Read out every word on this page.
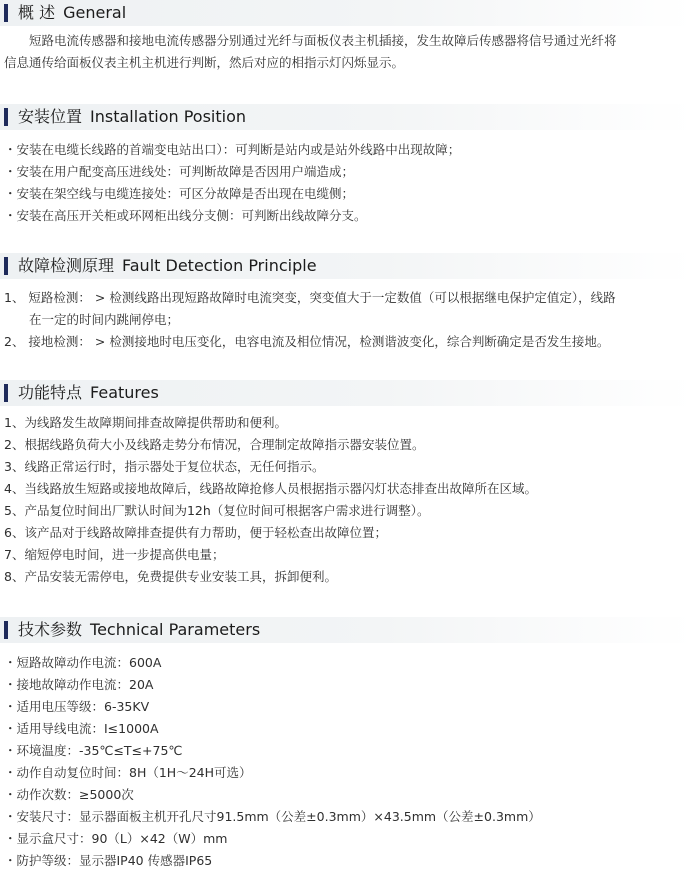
概 述 General
　　短路电流传感器和接地电流传感器分别通过光纤与面板仪表主机插接，发生故障后传感器将信号通过光纤将
信息通传给面板仪表主机主机进行判断，然后对应的相指示灯闪烁显示。
安装位置 Installation Position
・安装在电缆长线路的首端变电站出口）：可判断是站内或是站外线路中出现故障；
・安装在用户配变高压进线处：可判断故障是否因用户端造成；
・安装在架空线与电缆连接处：可区分故障是否出现在电缆侧；
・安装在高压开关柜或环网柜出线分支侧：可判断出线故障分支。
故障检测原理 Fault Detection Principle
1、 短路检测： > 检测线路出现短路故障时电流突变，突变值大于一定数值（可以根据继电保护定值定），线路
　　在一定的时间内跳闸停电；
2、 接地检测： > 检测接地时电压变化，电容电流及相位情况，检测谐波变化，综合判断确定是否发生接地。
功能特点 Features
1、为线路发生故障期间排查故障提供帮助和便利。
2、根据线路负荷大小及线路走势分布情况，合理制定故障指示器安装位置。
3、线路正常运行时，指示器处于复位状态，无任何指示。
4、当线路放生短路或接地故障后，线路故障抢修人员根据指示器闪灯状态排查出故障所在区域。
5、产品复位时间出厂默认时间为12h（复位时间可根据客户需求进行调整）。
6、该产品对于线路故障排查提供有力帮助，便于轻松查出故障位置；
7、缩短停电时间，进一步提高供电量；
8、产品安装无需停电，免费提供专业安装工具，拆卸便利。
技术参数 Technical Parameters
・短路故障动作电流：600A
・接地故障动作电流：20A
・适用电压等级：6-35KV
・适用导线电流：I≤1000A
・环境温度：-35℃≤T≤+75℃
・动作自动复位时间：8H（1H～24H可选）
・动作次数：≥5000次
・安装尺寸：显示器面板主机开孔尺寸91.5mm（公差±0.3mm）×43.5mm（公差±0.3mm）
・显示盒尺寸：90（L）×42（W）mm
・防护等级：显示器IP40 传感器IP65
